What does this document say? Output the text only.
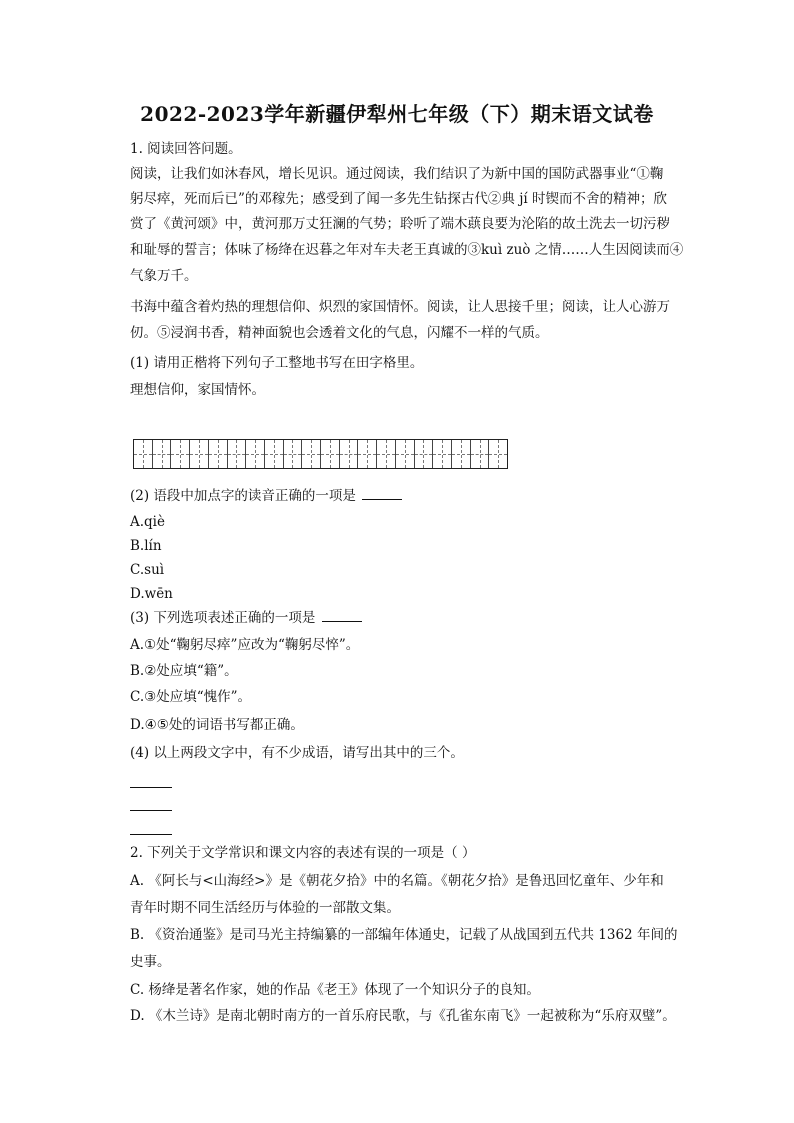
2022-2023学年新疆伊犁州七年级（下）期末语文试卷
1. 阅读回答问题。
阅读，让我们如沐春风，增长见识。通过阅读，我们结识了为新中国的国防武器事业“①鞠
躬尽瘁，死而后已”的邓稼先；感受到了闻一多先生钻探古代②典 jí 时锲而不舍的精神；欣
赏了《黄河颂》中，黄河那万丈狂澜的气势；聆听了端木蕻良要为沦陷的故土洗去一切污秽
和耻辱的誓言；体味了杨绛在迟暮之年对车夫老王真诚的③kuì zuò 之情……人生因阅读而④
气象万千。
书海中蕴含着灼热的理想信仰、炽烈的家国情怀。阅读，让人思接千里；阅读，让人心游万
仞。⑤浸润书香，精神面貌也会透着文化的气息，闪耀不一样的气质。
(1) 请用正楷将下列句子工整地书写在田字格里。
理想信仰，家国情怀。
(2) 语段中加点字的读音正确的一项是
A.qiè
B.lín
C.suì
D.wēn
(3) 下列选项表述正确的一项是
A.①处“鞠躬尽瘁”应改为“鞠躬尽悴”。
B.②处应填“籍”。
C.③处应填“愧作”。
D.④⑤处的词语书写都正确。
(4) 以上两段文字中，有不少成语，请写出其中的三个。
2. 下列关于文学常识和课文内容的表述有误的一项是（ ）
A. 《阿长与<山海经>》是《朝花夕拾》中的名篇。《朝花夕拾》是鲁迅回忆童年、少年和
青年时期不同生活经历与体验的一部散文集。
B. 《资治通鉴》是司马光主持编纂的一部编年体通史，记载了从战国到五代共 1362 年间的
史事。
C. 杨绛是著名作家，她的作品《老王》体现了一个知识分子的良知。
D. 《木兰诗》是南北朝时南方的一首乐府民歌，与《孔雀东南飞》一起被称为“乐府双璧”。
